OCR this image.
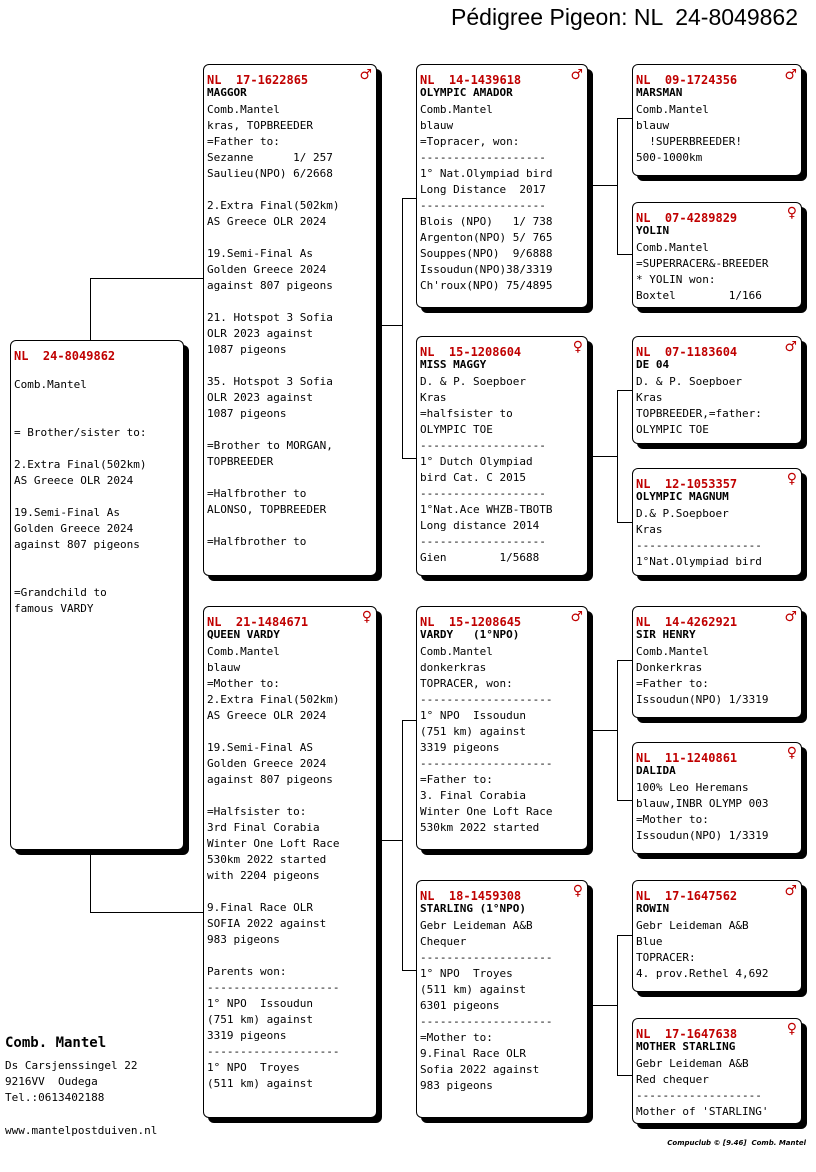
Pédigree Pigeon: NL  24-8049862
NL  24-8049862
Comb.Mantel
= Brother/sister to:
2.Extra Final(502km)
AS Greece OLR 2024
19.Semi-Final As
Golden Greece 2024
against 807 pigeons
=Grandchild to
famous VARDY
NL  17-1622865	♂
MAGGOR
Comb.Mantel
kras, TOPBREEDER
=Father to:
Sezanne      1/ 257
Saulieu(NPO) 6/2668
2.Extra Final(502km)
AS Greece OLR 2024
19.Semi-Final As
Golden Greece 2024
against 807 pigeons
21. Hotspot 3 Sofia
OLR 2023 against
1087 pigeons
35. Hotspot 3 Sofia
OLR 2023 against
1087 pigeons
=Brother to MORGAN,
TOPBREEDER
=Halfbrother to
ALONSO, TOPBREEDER
=Halfbrother to
NL  21-1484671	♀
QUEEN VARDY
Comb.Mantel
blauw
=Mother to:
2.Extra Final(502km)
AS Greece OLR 2024
19.Semi-Final AS
Golden Greece 2024
against 807 pigeons
=Halfsister to:
3rd Final Corabia
Winter One Loft Race
530km 2022 started
with 2204 pigeons
9.Final Race OLR
SOFIA 2022 against
983 pigeons
Parents won:
--------------------
1° NPO  Issoudun
(751 km) against
3319 pigeons
--------------------
1° NPO  Troyes
(511 km) against
NL  14-1439618	♂
OLYMPIC AMADOR
Comb.Mantel
blauw
=Topracer, won:
-------------------
1° Nat.Olympiad bird
Long Distance  2017
-------------------
Blois (NPO)   1/ 738
Argenton(NPO) 5/ 765
Souppes(NPO)  9/6888
Issoudun(NPO)38/3319
Ch'roux(NPO) 75/4895
NL  15-1208604	♀
MISS MAGGY
D. & P. Soepboer
Kras
=halfsister to
OLYMPIC TOE
-------------------
1° Dutch Olympiad
bird Cat. C 2015
-------------------
1°Nat.Ace WHZB-TBOTB
Long distance 2014
-------------------
Gien        1/5688
NL  15-1208645	♂
VARDY   (1°NPO)
Comb.Mantel
donkerkras
TOPRACER, won:
--------------------
1° NPO  Issoudun
(751 km) against
3319 pigeons
--------------------
=Father to:
3. Final Corabia
Winter One Loft Race
530km 2022 started
NL  18-1459308	♀
STARLING (1°NPO)
Gebr Leideman A&B
Chequer
--------------------
1° NPO  Troyes
(511 km) against
6301 pigeons
--------------------
=Mother to:
9.Final Race OLR
Sofia 2022 against
983 pigeons
NL  09-1724356	♂
MARSMAN
Comb.Mantel
blauw
!SUPERBREEDER!
500-1000km
NL  07-4289829	♀
YOLIN
Comb.Mantel
=SUPERRACER&-BREEDER
* YOLIN won:
Boxtel        1/166
NL  07-1183604	♂
DE 04
D. & P. Soepboer
Kras
TOPBREEDER,=father:
OLYMPIC TOE
NL  12-1053357	♀
OLYMPIC MAGNUM
D.& P.Soepboer
Kras
-------------------
1°Nat.Olympiad bird
NL  14-4262921	♂
SIR HENRY
Comb.Mantel
Donkerkras
=Father to:
Issoudun(NPO) 1/3319
NL  11-1240861	♀
DALIDA
100% Leo Heremans
blauw,INBR OLYMP 003
=Mother to:
Issoudun(NPO) 1/3319
NL  17-1647562	♂
ROWIN
Gebr Leideman A&B
Blue
TOPRACER:
4. prov.Rethel 4,692
NL  17-1647638	♀
MOTHER STARLING
Gebr Leideman A&B
Red chequer
-------------------
Mother of 'STARLING'
Comb. Mantel
Ds Carsjenssingel 22
9216VV  Oudega
Tel.:0613402188
www.mantelpostduiven.nl
Compuclub © [9.46]  Comb. Mantel
